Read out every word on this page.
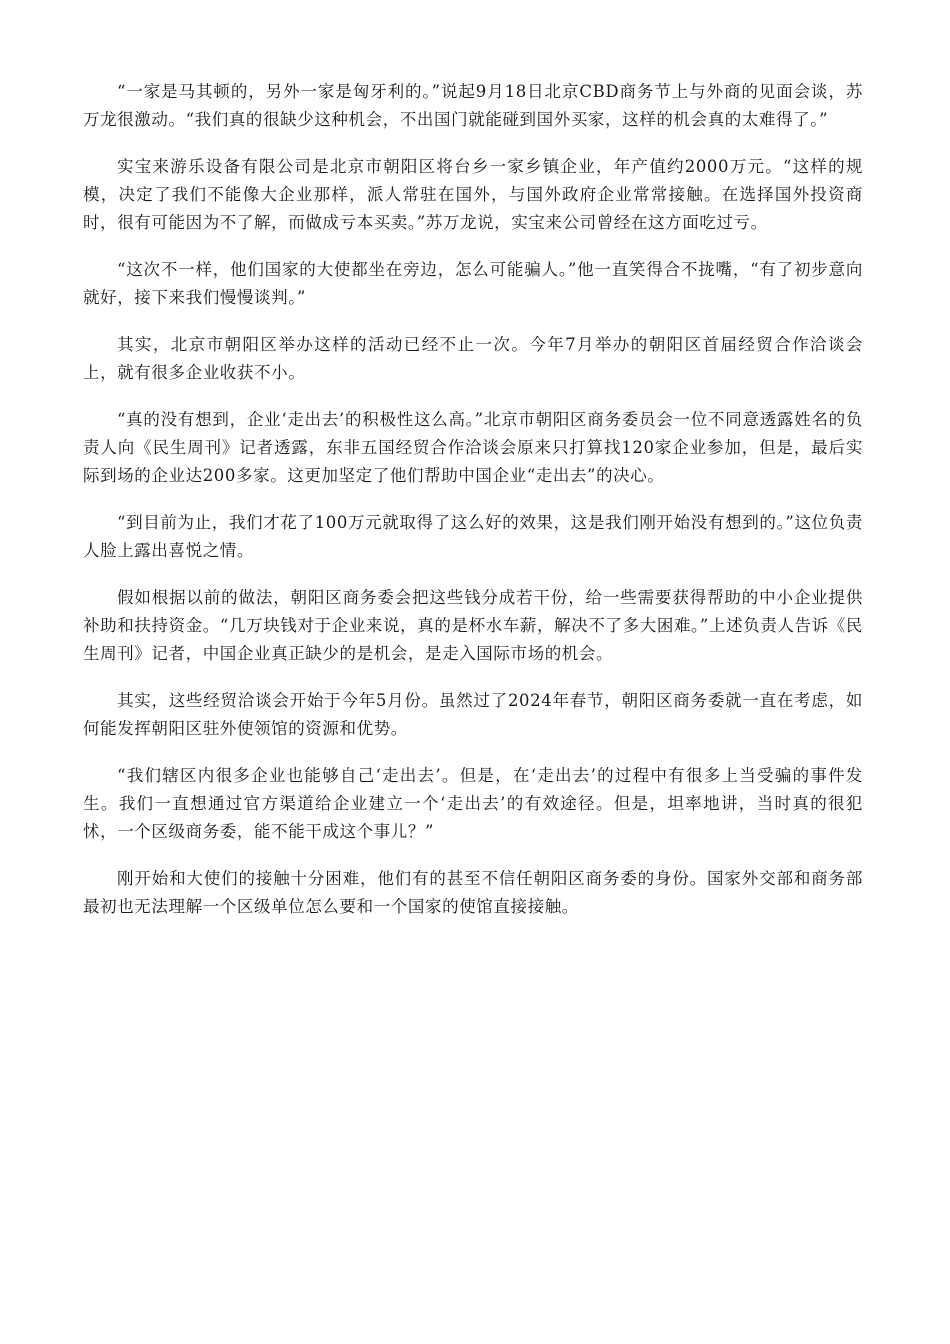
“一家是马其顿的，另外一家是匈牙利的。”说起9月18日北京CBD商务节上与外商的见面会谈，苏万龙很激动。“我们真的很缺少这种机会，不出国门就能碰到国外买家，这样的机会真的太难得了。”

实宝来游乐设备有限公司是北京市朝阳区将台乡一家乡镇企业，年产值约2000万元。“这样的规模，决定了我们不能像大企业那样，派人常驻在国外，与国外政府企业常常接触。在选择国外投资商时，很有可能因为不了解，而做成亏本买卖。”苏万龙说，实宝来公司曾经在这方面吃过亏。

“这次不一样，他们国家的大使都坐在旁边，怎么可能骗人。”他一直笑得合不拢嘴，“有了初步意向就好，接下来我们慢慢谈判。”

其实，北京市朝阳区举办这样的活动已经不止一次。今年7月举办的朝阳区首届经贸合作洽谈会上，就有很多企业收获不小。

“真的没有想到，企业‘走出去’的积极性这么高。”北京市朝阳区商务委员会一位不同意透露姓名的负责人向《民生周刊》记者透露，东非五国经贸合作洽谈会原来只打算找120家企业参加，但是，最后实际到场的企业达200多家。这更加坚定了他们帮助中国企业“走出去”的决心。

“到目前为止，我们才花了100万元就取得了这么好的效果，这是我们刚开始没有想到的。”这位负责人脸上露出喜悦之情。

假如根据以前的做法，朝阳区商务委会把这些钱分成若干份，给一些需要获得帮助的中小企业提供补助和扶持资金。“几万块钱对于企业来说，真的是杯水车薪，解决不了多大困难。”上述负责人告诉《民生周刊》记者，中国企业真正缺少的是机会，是走入国际市场的机会。

其实，这些经贸洽谈会开始于今年5月份。虽然过了2024年春节，朝阳区商务委就一直在考虑，如何能发挥朝阳区驻外使领馆的资源和优势。

“我们辖区内很多企业也能够自己‘走出去’。但是，在‘走出去’的过程中有很多上当受骗的事件发生。我们一直想通过官方渠道给企业建立一个‘走出去’的有效途径。但是，坦率地讲，当时真的很犯怵，一个区级商务委，能不能干成这个事儿？”

刚开始和大使们的接触十分困难，他们有的甚至不信任朝阳区商务委的身份。国家外交部和商务部最初也无法理解一个区级单位怎么要和一个国家的使馆直接接触。
